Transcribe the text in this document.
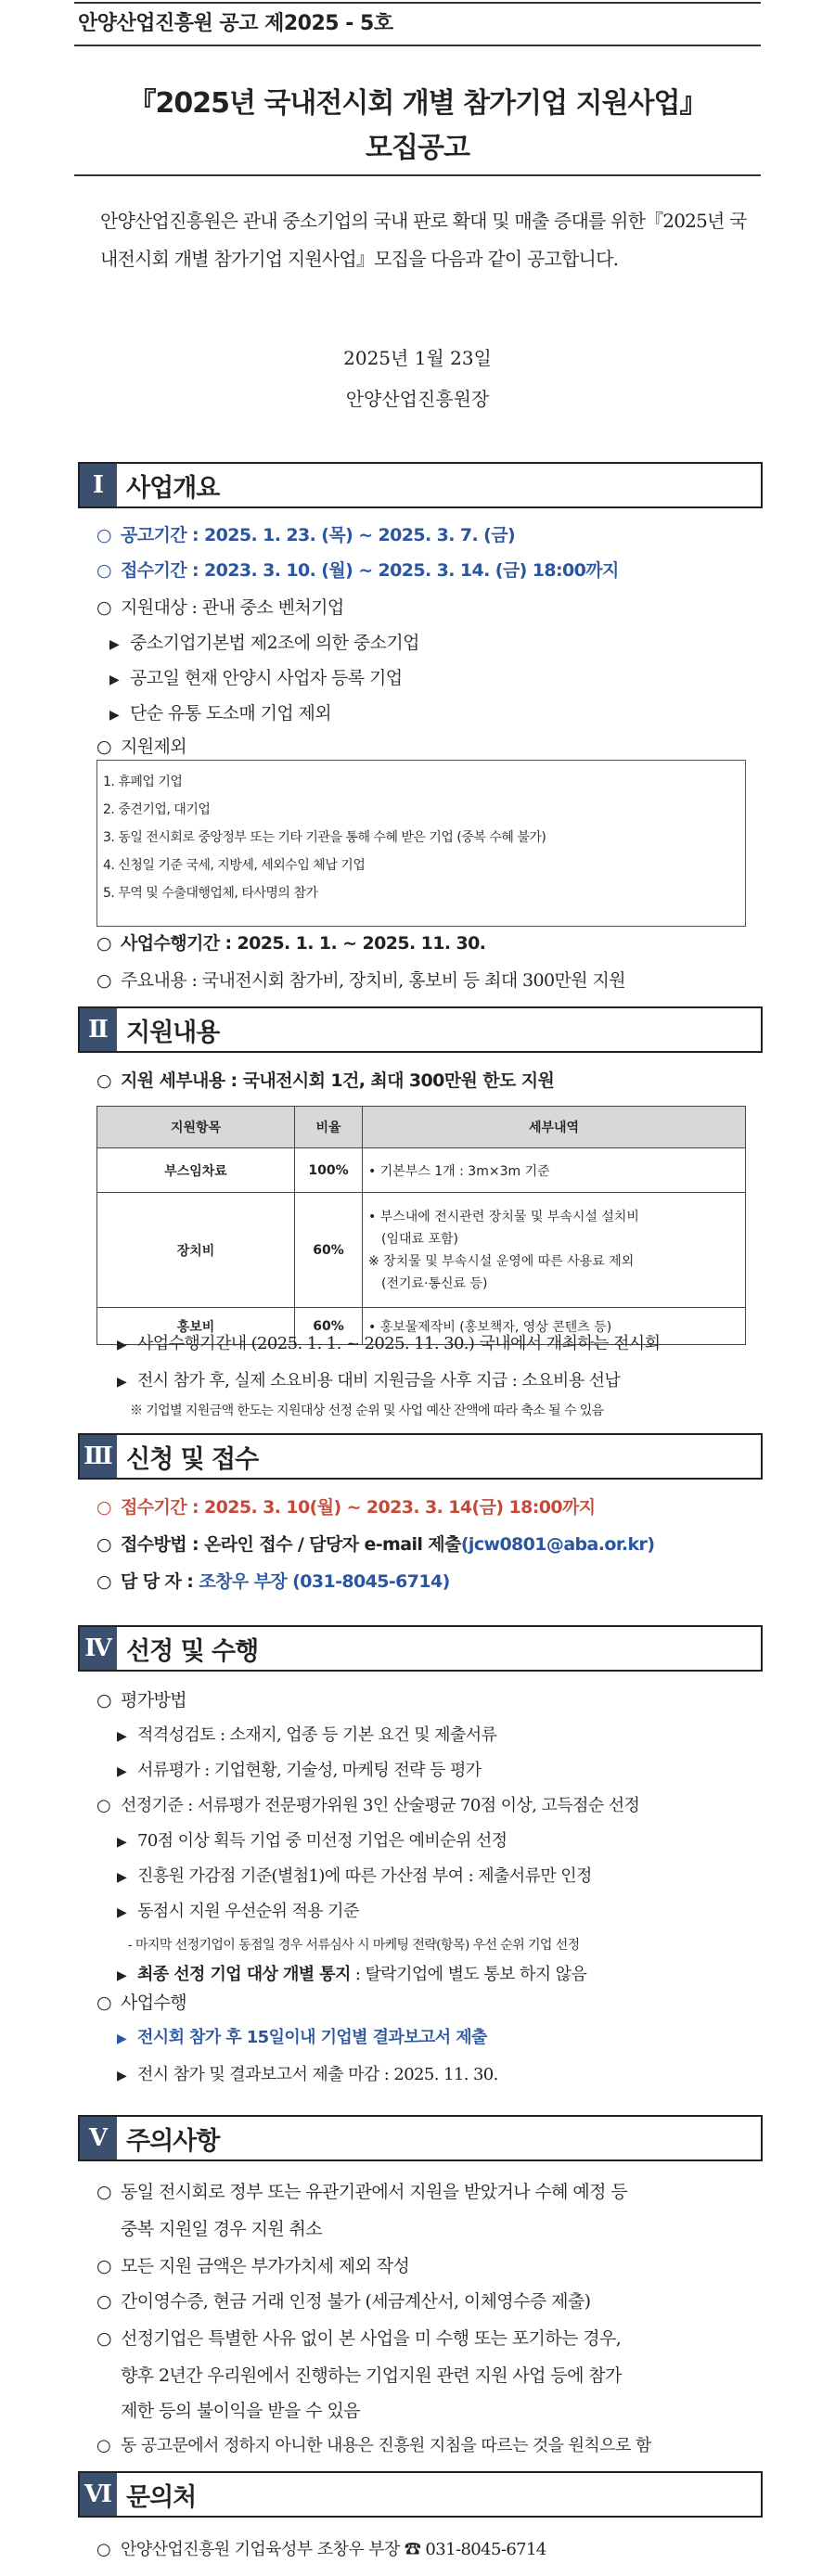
안양산업진흥원 공고 제2025 - 5호
『2025년 국내전시회 개별 참가기업 지원사업』
모집공고
안양산업진흥원은 관내 중소기업의 국내 판로 확대 및 매출 증대를 위한『2025년 국내전시회 개별 참가기업 지원사업』모집을 다음과 같이 공고합니다.
2025년 1월 23일
안양산업진흥원장
Ⅰ 사업개요
○ 공고기간 : 2025. 1. 23. (목) ~ 2025. 3. 7. (금)
○ 접수기간 : 2023. 3. 10. (월) ~ 2025. 3. 14. (금) 18:00까지
○ 지원대상 : 관내 중소 벤처기업
▶ 중소기업기본법 제2조에 의한 중소기업
▶ 공고일 현재 안양시 사업자 등록 기업
▶ 단순 유통 도소매 기업 제외
○ 지원제외
1. 휴폐업 기업
2. 중견기업, 대기업
3. 동일 전시회로 중앙정부 또는 기타 기관을 통해 수혜 받은 기업 (중복 수혜 불가)
4. 신청일 기준 국세, 지방세, 세외수입 체납 기업
5. 무역 및 수출대행업체, 타사명의 참가
○ 사업수행기간 : 2025. 1. 1. ~ 2025. 11. 30.
○ 주요내용 : 국내전시회 참가비, 장치비, 홍보비 등 최대 300만원 지원
Ⅱ 지원내용
○ 지원 세부내용 : 국내전시회 1건, 최대 300만원 한도 지원
지원항목	비율	세부내역
부스임차료	100%	• 기본부스 1개 : 3m×3m 기준
장치비	60%	• 부스내에 전시관련 장치물 및 부속시설 설치비
(임대료 포함)
※ 장치물 및 부속시설 운영에 따른 사용료 제외
(전기료·통신료 등)

홍보비	60%	• 홍보물제작비 (홍보책자, 영상 콘텐츠 등)
▶ 사업수행기간내 (2025. 1. 1. ~ 2025. 11. 30.) 국내에서 개최하는 전시회
▶ 전시 참가 후, 실제 소요비용 대비 지원금을 사후 지급 : 소요비용 선납
※ 기업별 지원금액 한도는 지원대상 선정 순위 및 사업 예산 잔액에 따라 축소 될 수 있음
Ⅲ 신청 및 접수
○ 접수기간 : 2025. 3. 10(월) ~ 2023. 3. 14(금) 18:00까지
○ 접수방법 : 온라인 접수 / 담당자 e-mail 제출(jcw0801@aba.or.kr)
○ 담 당 자 : 조창우 부장 (031-8045-6714)
Ⅳ 선정 및 수행
○ 평가방법
▶ 적격성검토 : 소재지, 업종 등 기본 요건 및 제출서류
▶ 서류평가 : 기업현황, 기술성, 마케팅 전략 등 평가
○ 선정기준 : 서류평가 전문평가위원 3인 산술평균 70점 이상, 고득점순 선정
▶ 70점 이상 획득 기업 중 미선정 기업은 예비순위 선정
▶ 진흥원 가감점 기준(별첨1)에 따른 가산점 부여 : 제출서류만 인정
▶ 동점시 지원 우선순위 적용 기준
- 마지막 선정기업이 동점일 경우 서류심사 시 마케팅 전략(항목) 우선 순위 기업 선정
▶ 최종 선정 기업 대상 개별 통지 : 탈락기업에 별도 통보 하지 않음
○ 사업수행
▶ 전시회 참가 후 15일이내 기업별 결과보고서 제출
▶ 전시 참가 및 결과보고서 제출 마감 : 2025. 11. 30.
Ⅴ 주의사항
○ 동일 전시회로 정부 또는 유관기관에서 지원을 받았거나 수혜 예정 등
중복 지원일 경우 지원 취소
○ 모든 지원 금액은 부가가치세 제외 작성
○ 간이영수증, 현금 거래 인정 불가 (세금계산서, 이체영수증 제출)
○ 선정기업은 특별한 사유 없이 본 사업을 미 수행 또는 포기하는 경우,
향후 2년간 우리원에서 진행하는 기업지원 관련 지원 사업 등에 참가
제한 등의 불이익을 받을 수 있음
○ 동 공고문에서 정하지 아니한 내용은 진흥원 지침을 따르는 것을 원칙으로 함
Ⅵ 문의처
○ 안양산업진흥원 기업육성부 조창우 부장 ☎ 031-8045-6714
